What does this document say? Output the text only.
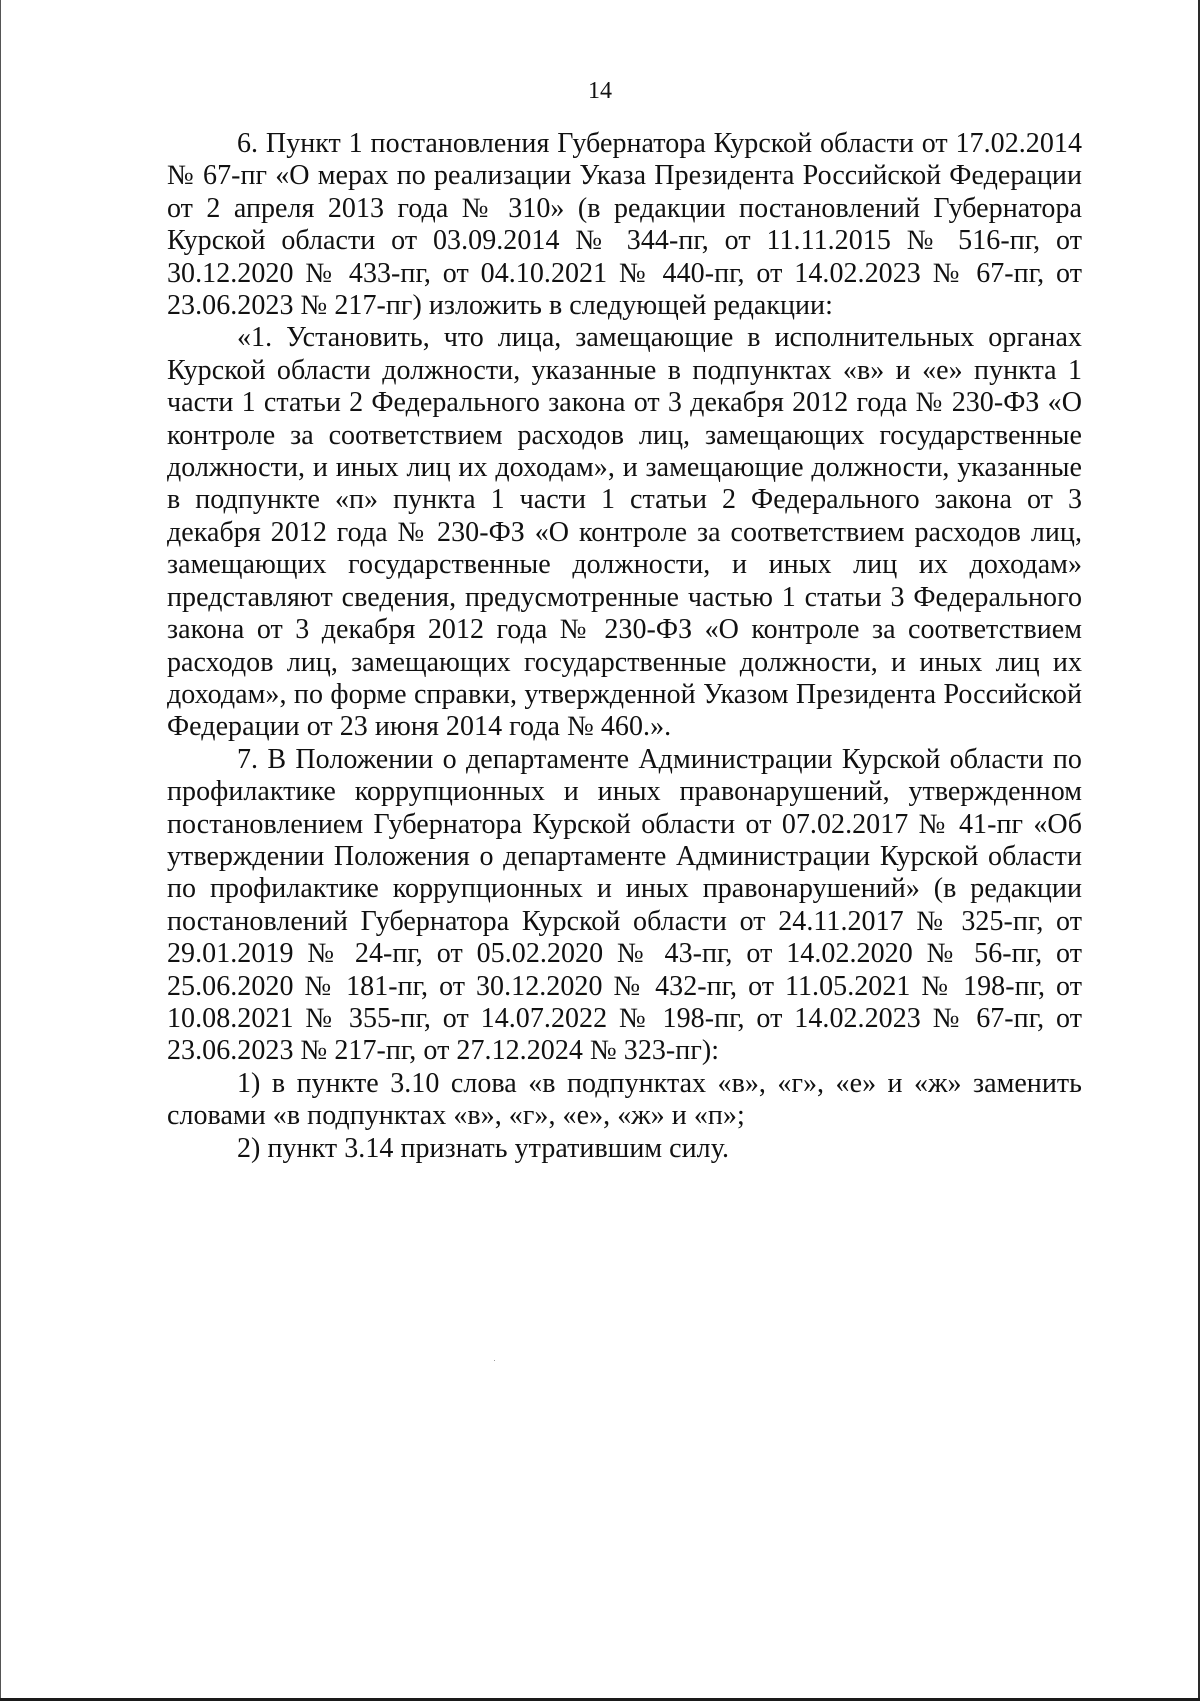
14

6. Пункт 1 постановления Губернатора Курской области от 17.02.2014 № 67-пг «О мерах по реализации Указа Президента Российской Федерации от 2 апреля 2013 года № 310» (в редакции постановлений Губернатора Курской области от 03.09.2014 № 344-пг, от 11.11.2015 № 516-пг, от 30.12.2020 № 433-пг, от 04.10.2021 № 440-пг, от 14.02.2023 № 67-пг, от 23.06.2023 № 217-пг) изложить в следующей редакции:

«1. Установить, что лица, замещающие в исполнительных органах Курской области должности, указанные в подпунктах «в» и «е» пункта 1 части 1 статьи 2 Федерального закона от 3 декабря 2012 года № 230-ФЗ «О контроле за соответствием расходов лиц, замещающих государственные должности, и иных лиц их доходам», и замещающие должности, указанные в подпункте «п» пункта 1 части 1 статьи 2 Федерального закона от 3 декабря 2012 года № 230-ФЗ «О контроле за соответствием расходов лиц, замещающих государственные должности, и иных лиц их доходам» представляют сведения, предусмотренные частью 1 статьи 3 Федерального закона от 3 декабря 2012 года № 230-ФЗ «О контроле за соответствием расходов лиц, замещающих государственные должности, и иных лиц их доходам», по форме справки, утвержденной Указом Президента Российской Федерации от 23 июня 2014 года № 460.».

7. В Положении о департаменте Администрации Курской области по профилактике коррупционных и иных правонарушений, утвержденном постановлением Губернатора Курской области от 07.02.2017 № 41-пг «Об утверждении Положения о департаменте Администрации Курской области по профилактике коррупционных и иных правонарушений» (в редакции постановлений Губернатора Курской области от 24.11.2017 № 325-пг, от 29.01.2019 № 24-пг, от 05.02.2020 № 43-пг, от 14.02.2020 № 56-пг, от 25.06.2020 № 181-пг, от 30.12.2020 № 432-пг, от 11.05.2021 № 198-пг, от 10.08.2021 № 355-пг, от 14.07.2022 № 198-пг, от 14.02.2023 № 67-пг, от 23.06.2023 № 217-пг, от 27.12.2024 № 323-пг):

1) в пункте 3.10 слова «в подпунктах «в», «г», «е» и «ж» заменить словами «в подпунктах «в», «г», «е», «ж» и «п»;

2) пункт 3.14 признать утратившим силу.
